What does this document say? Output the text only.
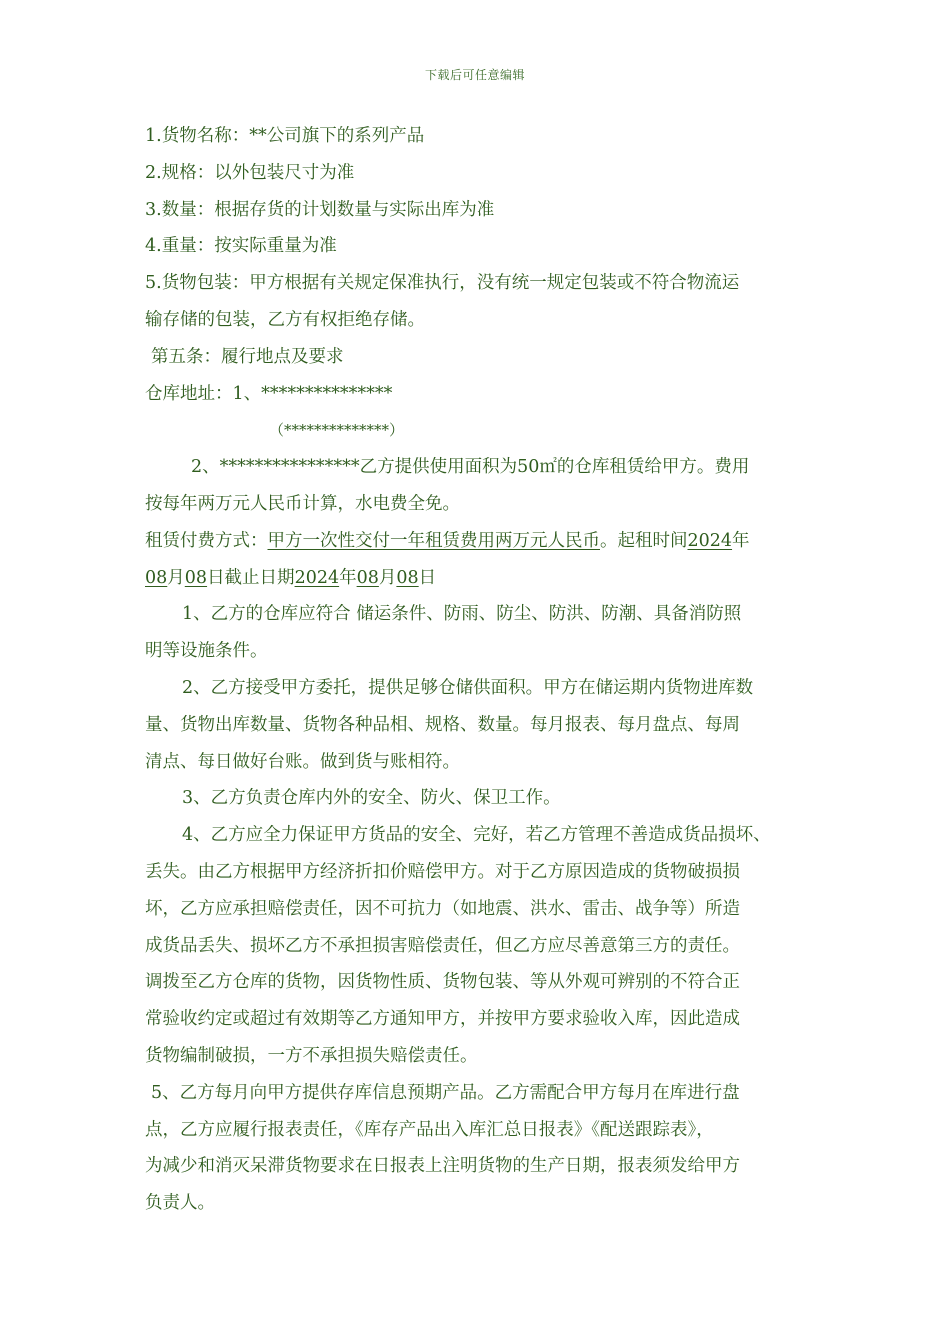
下载后可任意编辑
1.货物名称：**公司旗下的系列产品
2.规格：以外包装尺寸为准
3.数量：根据存货的计划数量与实际出库为准
4.重量：按实际重量为准
5.货物包装：甲方根据有关规定保准执行，没有统一规定包装或不符合物流运
输存储的包装，乙方有权拒绝存储。
第五条：履行地点及要求
仓库地址：1、***************
（**************）
2、****************乙方提供使用面积为50㎡的仓库租赁给甲方。费用
按每年两万元人民币计算，水电费全免。
租赁付费方式：甲方一次性交付一年租赁费用两万元人民币。起租时间2024年
08月08日截止日期2024年08月08日
1、乙方的仓库应符合 储运条件、防雨、防尘、防洪、防潮、具备消防照
明等设施条件。
2、乙方接受甲方委托，提供足够仓储供面积。甲方在储运期内货物进库数
量、货物出库数量、货物各种品相、规格、数量。每月报表、每月盘点、每周
清点、每日做好台账。做到货与账相符。
3、乙方负责仓库内外的安全、防火、保卫工作。
4、乙方应全力保证甲方货品的安全、完好，若乙方管理不善造成货品损坏、
丢失。由乙方根据甲方经济折扣价赔偿甲方。对于乙方原因造成的货物破损损
坏，乙方应承担赔偿责任，因不可抗力（如地震、洪水、雷击、战争等）所造
成货品丢失、损坏乙方不承担损害赔偿责任，但乙方应尽善意第三方的责任。
调拨至乙方仓库的货物，因货物性质、货物包装、等从外观可辨别的不符合正
常验收约定或超过有效期等乙方通知甲方，并按甲方要求验收入库，因此造成
货物编制破损，一方不承担损失赔偿责任。
5、乙方每月向甲方提供存库信息预期产品。乙方需配合甲方每月在库进行盘
点，乙方应履行报表责任，《库存产品出入库汇总日报表》《配送跟踪表》，
为减少和消灭呆滞货物要求在日报表上注明货物的生产日期，报表须发给甲方
负责人。
